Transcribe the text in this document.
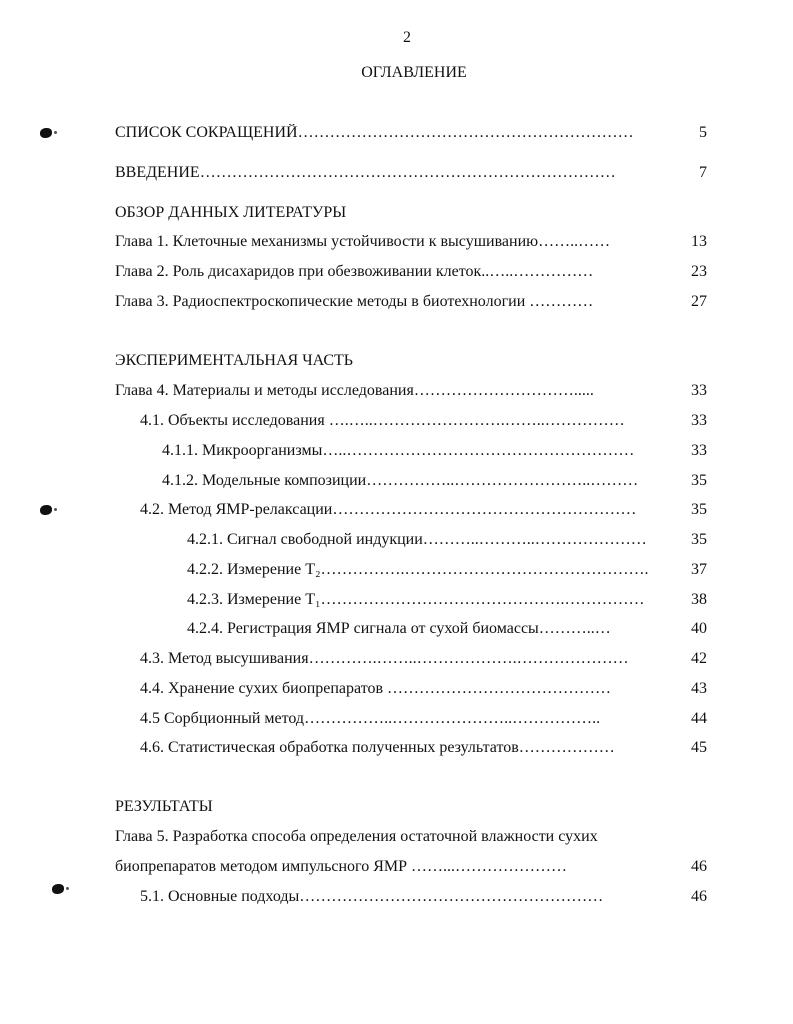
2
ОГЛАВЛЕНИЕ
СПИСОК СОКРАЩЕНИЙ………………………………………………………	5
ВВЕДЕНИЕ……………………………………………………………………	7
ОБЗОР ДАННЫХ ЛИТЕРАТУРЫ
Глава 1. Клеточные механизмы устойчивости к высушиванию……..……	13
Глава 2. Роль дисахаридов при обезвоживании клеток..…..……………	23
Глава 3. Радиоспектроскопические методы в биотехнологии …………	27
ЭКСПЕРИМЕНТАЛЬНАЯ ЧАСТЬ
Глава 4. Материалы и методы исследования………………………….....	33
4.1. Объекты исследования ….…..…………………….……..……………	33
4.1.1. Микроорганизмы…..………………………………………………	33
4.1.2. Модельные композиции……………..……………………..………	35
4.2. Метод ЯМР-релаксации…………………………………………………	35
4.2.1. Сигнал свободной индукции………..………..…………………	35
4.2.2. Измерение T₂…………….……………………………………….	37
4.2.3. Измерение T₁……………………………………….……………	38
4.2.4. Регистрация ЯМР сигнала от сухой биомассы………..…	40
4.3. Метод высушивания………….……..……………….…………………	42
4.4. Хранение сухих биопрепаратов ……………………………………	43
4.5 Сорбционный метод……………..…………………..……………..	44
4.6. Статистическая обработка полученных результатов………………	45
РЕЗУЛЬТАТЫ
Глава 5. Разработка способа определения остаточной влажности сухих
биопрепаратов методом импульсного ЯМР ……...…………………	46
5.1. Основные подходы…………………………………………………	46
